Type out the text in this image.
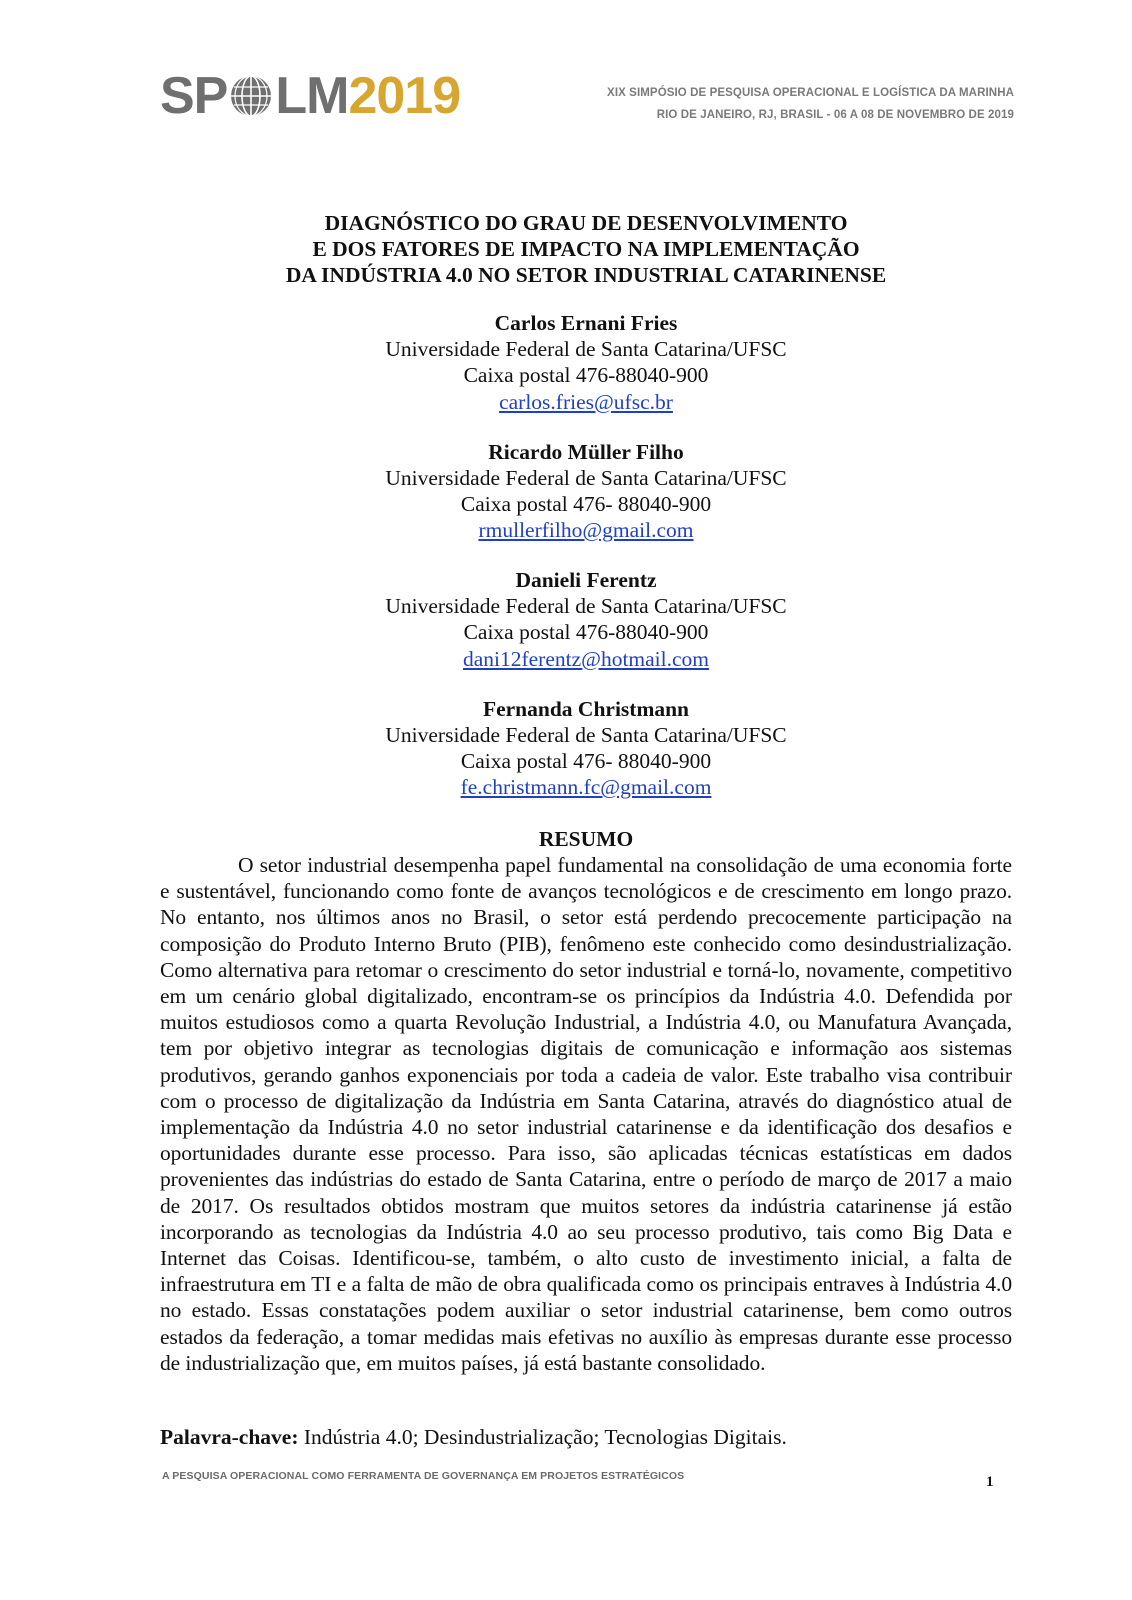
SP LM 2019	XIX SIMPÓSIO DE PESQUISA OPERACIONAL E LOGÍSTICA DA MARINHA
RIO DE JANEIRO, RJ, BRASIL - 06 A 08 DE NOVEMBRO DE 2019
DIAGNÓSTICO DO GRAU DE DESENVOLVIMENTO
E DOS FATORES DE IMPACTO NA IMPLEMENTAÇÃO
DA INDÚSTRIA 4.0 NO SETOR INDUSTRIAL CATARINENSE
Carlos Ernani Fries
Universidade Federal de Santa Catarina/UFSC
Caixa postal 476-88040-900
carlos.fries@ufsc.br
Ricardo Müller Filho
Universidade Federal de Santa Catarina/UFSC
Caixa postal 476- 88040-900
rmullerfilho@gmail.com
Danieli Ferentz
Universidade Federal de Santa Catarina/UFSC
Caixa postal 476-88040-900
dani12ferentz@hotmail.com
Fernanda Christmann
Universidade Federal de Santa Catarina/UFSC
Caixa postal 476- 88040-900
fe.christmann.fc@gmail.com
RESUMO

O setor industrial desempenha papel fundamental na consolidação de uma economia forte e sustentável, funcionando como fonte de avanços tecnológicos e de crescimento em longo prazo. No entanto, nos últimos anos no Brasil, o setor está perdendo precocemente participação na composição do Produto Interno Bruto (PIB), fenômeno este conhecido como desindustrialização. Como alternativa para retomar o crescimento do setor industrial e torná-lo, novamente, competitivo em um cenário global digitalizado, encontram-se os princípios da Indústria 4.0. Defendida por muitos estudiosos como a quarta Revolução Industrial, a Indústria 4.0, ou Manufatura Avançada, tem por objetivo integrar as tecnologias digitais de comunicação e informação aos sistemas produtivos, gerando ganhos exponenciais por toda a cadeia de valor. Este trabalho visa contribuir com o processo de digitalização da Indústria em Santa Catarina, através do diagnóstico atual de implementação da Indústria 4.0 no setor industrial catarinense e da identificação dos desafios e oportunidades durante esse processo. Para isso, são aplicadas técnicas estatísticas em dados provenientes das indústrias do estado de Santa Catarina, entre o período de março de 2017 a maio de 2017. Os resultados obtidos mostram que muitos setores da indústria catarinense já estão incorporando as tecnologias da Indústria 4.0 ao seu processo produtivo, tais como Big Data e Internet das Coisas. Identificou-se, também, o alto custo de investimento inicial, a falta de infraestrutura em TI e a falta de mão de obra qualificada como os principais entraves à Indústria 4.0 no estado. Essas constatações podem auxiliar o setor industrial catarinense, bem como outros estados da federação, a tomar medidas mais efetivas no auxílio às empresas durante esse processo de industrialização que, em muitos países, já está bastante consolidado.

Palavra-chave: Indústria 4.0; Desindustrialização; Tecnologias Digitais.
A PESQUISA OPERACIONAL COMO FERRAMENTA DE GOVERNANÇA EM PROJETOS ESTRATÉGICOS	1
